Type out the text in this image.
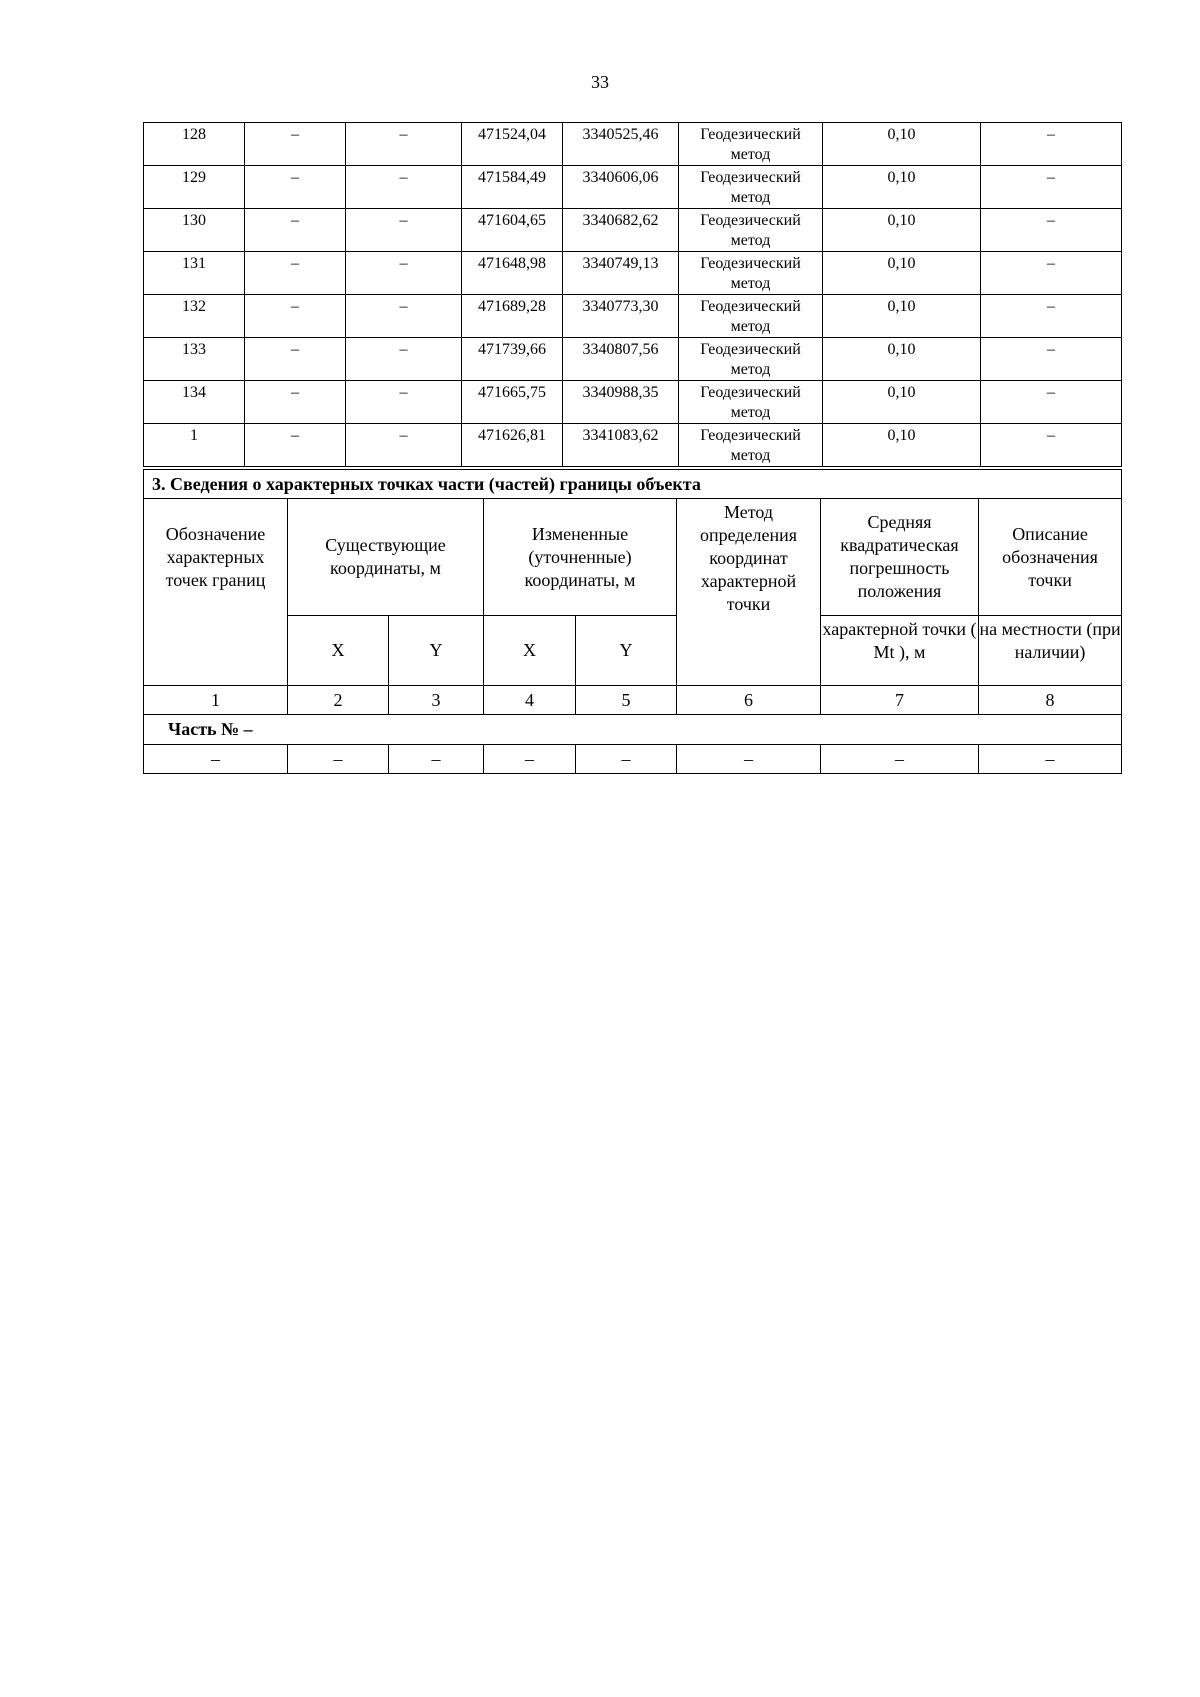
33
128	–	–	471524,04	3340525,46	Геодезический метод	0,10	–
129	–	–	471584,49	3340606,06	Геодезический метод	0,10	–
130	–	–	471604,65	3340682,62	Геодезический метод	0,10	–
131	–	–	471648,98	3340749,13	Геодезический метод	0,10	–
132	–	–	471689,28	3340773,30	Геодезический метод	0,10	–
133	–	–	471739,66	3340807,56	Геодезический метод	0,10	–
134	–	–	471665,75	3340988,35	Геодезический метод	0,10	–
1	–	–	471626,81	3341083,62	Геодезический метод	0,10	–
3. Сведения о характерных точках части (частей) границы объекта							
Обозначение характерных точек границ	Существующие координаты, м		Измененные (уточненные) координаты, м		Метод определения координат характерной точки	Средняя квадратическая погрешность положения	Описание обозначения точки
	X	Y	X	Y		характерной точки ( Mt ), м	на местности (при наличии)
1	2	3	4	5	6	7	8
Часть № –							
–	–	–	–	–	–	–	–
